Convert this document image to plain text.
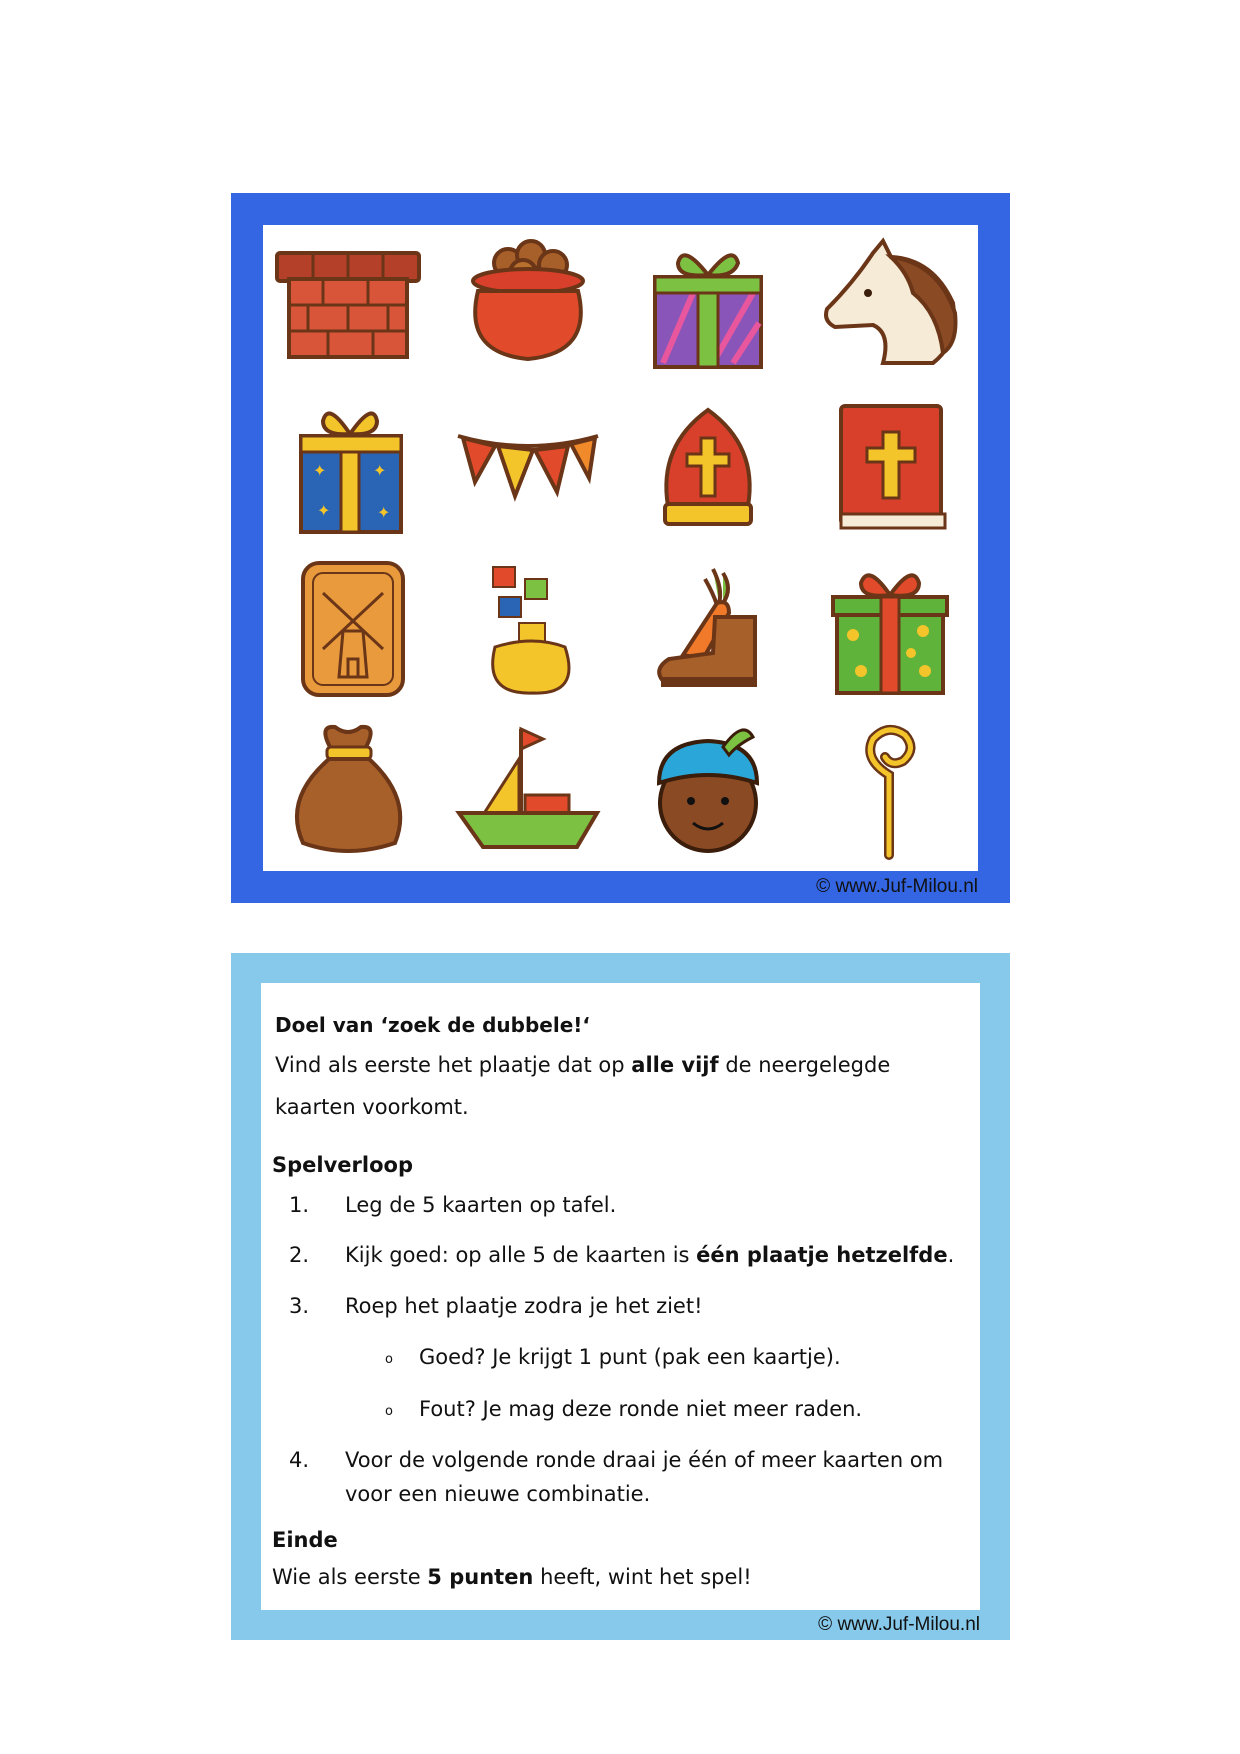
✦	✦
✦	✦
© www.Juf-Milou.nl
Doel van ‘zoek de dubbele!‘
Vind als eerste het plaatje dat op alle vijf de neergelegde
kaarten voorkomt.
Spelverloop
1. Leg de 5 kaarten op tafel.
2. Kijk goed: op alle 5 de kaarten is één plaatje hetzelfde.
3. Roep het plaatje zodra je het ziet!
o Goed? Je krijgt 1 punt (pak een kaartje).
o Fout? Je mag deze ronde niet meer raden.
4. Voor de volgende ronde draai je één of meer kaarten om
voor een nieuwe combinatie.
Einde
Wie als eerste 5 punten heeft, wint het spel!
© www.Juf-Milou.nl
